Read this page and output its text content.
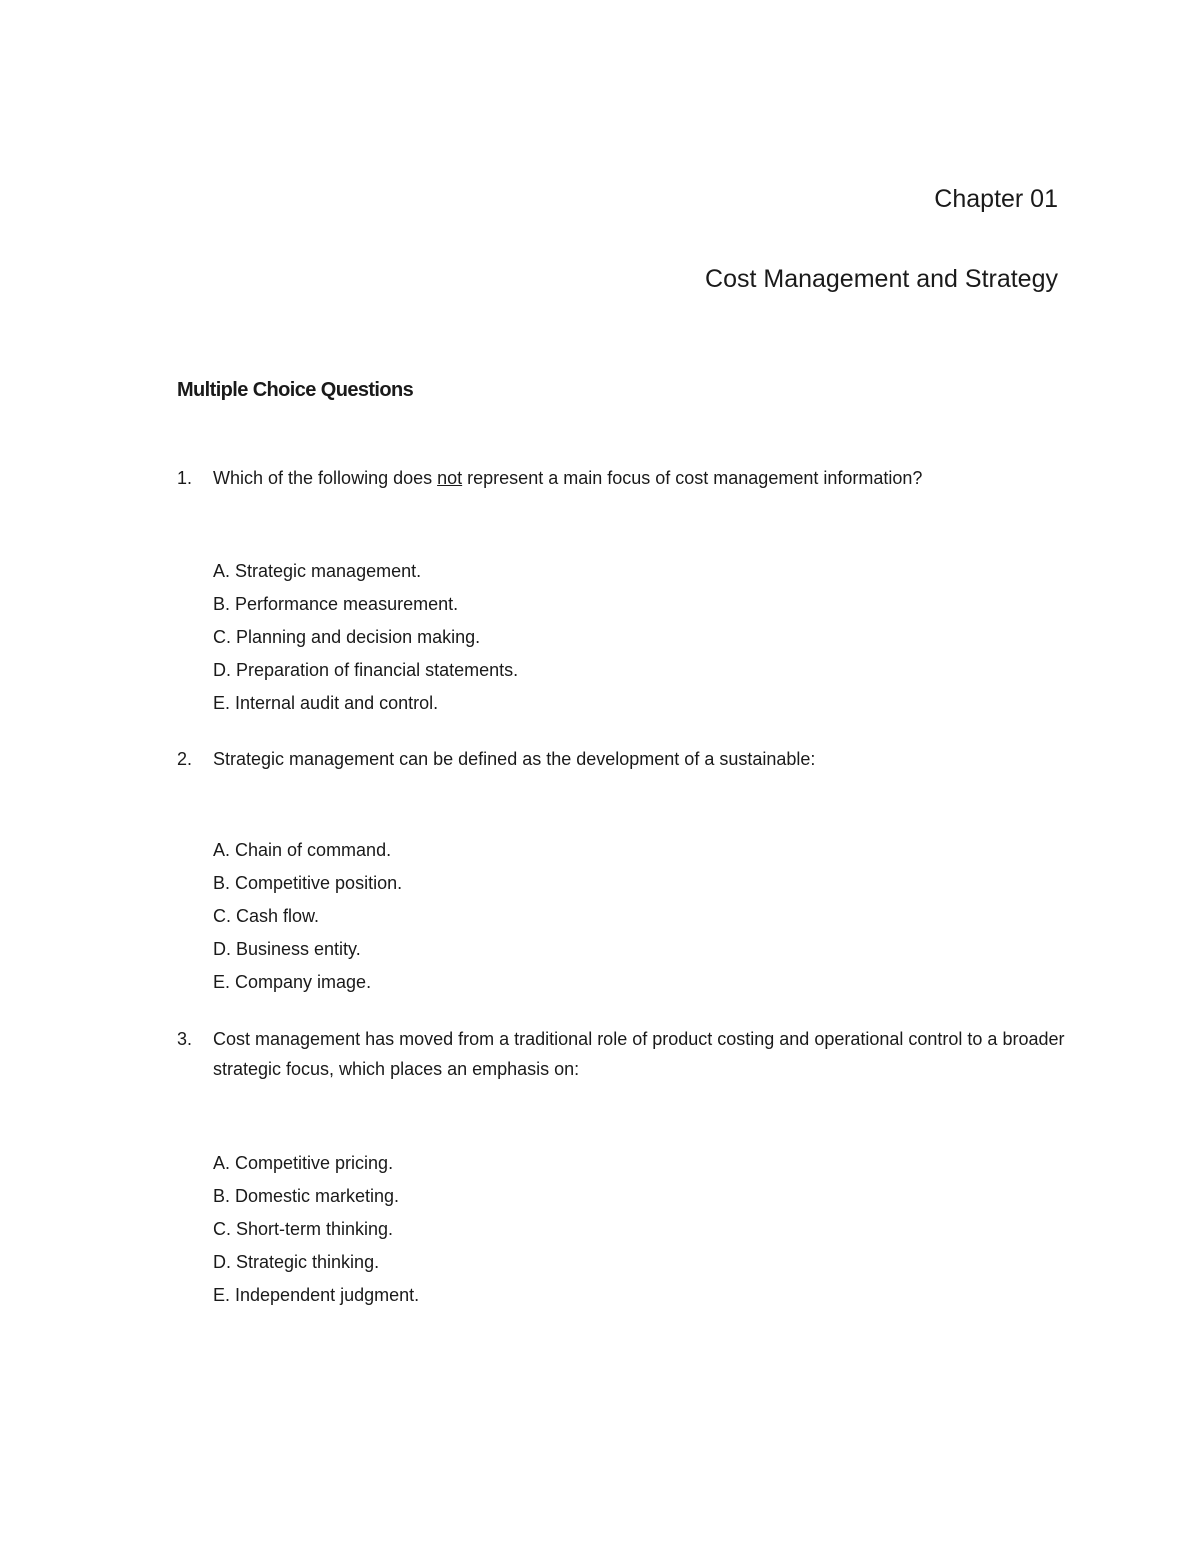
Chapter 01
Cost Management and Strategy
Multiple Choice Questions
1.	Which of the following does not represent a main focus of cost management information?
A. Strategic management.
B. Performance measurement.
C. Planning and decision making.
D. Preparation of financial statements.
E. Internal audit and control.
2.	Strategic management can be defined as the development of a sustainable:
A. Chain of command.
B. Competitive position.
C. Cash flow.
D. Business entity.
E. Company image.
3.	Cost management has moved from a traditional role of product costing and operational control to a broader strategic focus, which places an emphasis on:
A. Competitive pricing.
B. Domestic marketing.
C. Short-term thinking.
D. Strategic thinking.
E. Independent judgment.
